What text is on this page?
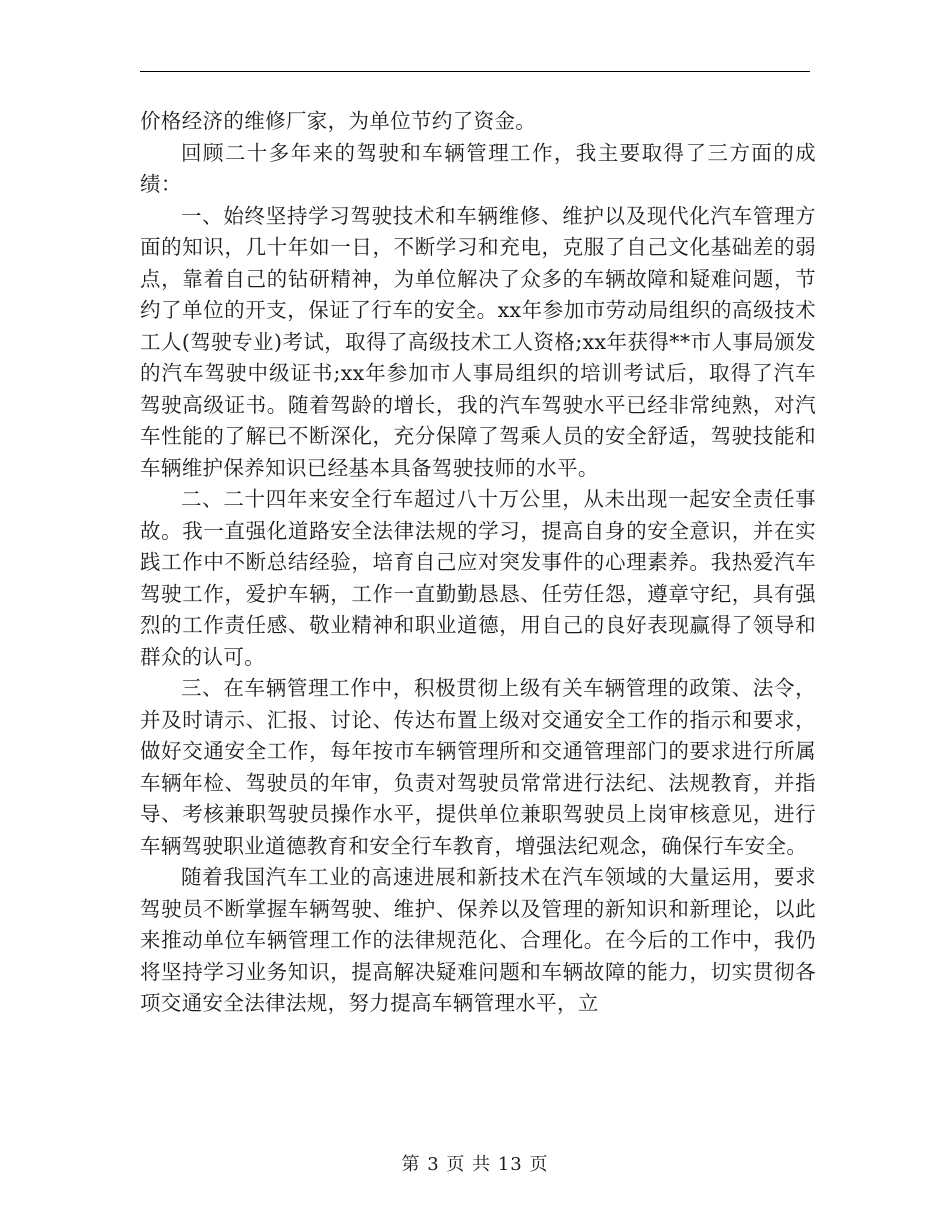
价格经济的维修厂家，为单位节约了资金。

回顾二十多年来的驾驶和车辆管理工作，我主要取得了三方面的成绩：

一、始终坚持学习驾驶技术和车辆维修、维护以及现代化汽车管理方面的知识，几十年如一日，不断学习和充电，克服了自己文化基础差的弱点，靠着自己的钻研精神，为单位解决了众多的车辆故障和疑难问题，节约了单位的开支，保证了行车的安全。xx年参加市劳动局组织的高级技术工人(驾驶专业)考试，取得了高级技术工人资格;xx年获得**市人事局颁发的汽车驾驶中级证书;xx年参加市人事局组织的培训考试后，取得了汽车驾驶高级证书。随着驾龄的增长，我的汽车驾驶水平已经非常纯熟，对汽车性能的了解已不断深化，充分保障了驾乘人员的安全舒适，驾驶技能和车辆维护保养知识已经基本具备驾驶技师的水平。

二、二十四年来安全行车超过八十万公里，从未出现一起安全责任事故。我一直强化道路安全法律法规的学习，提高自身的安全意识，并在实践工作中不断总结经验，培育自己应对突发事件的心理素养。我热爱汽车驾驶工作，爱护车辆，工作一直勤勤恳恳、任劳任怨，遵章守纪，具有强烈的工作责任感、敬业精神和职业道德，用自己的良好表现赢得了领导和群众的认可。

三、在车辆管理工作中，积极贯彻上级有关车辆管理的政策、法令，并及时请示、汇报、讨论、传达布置上级对交通安全工作的指示和要求，做好交通安全工作，每年按市车辆管理所和交通管理部门的要求进行所属车辆年检、驾驶员的年审，负责对驾驶员常常进行法纪、法规教育，并指导、考核兼职驾驶员操作水平，提供单位兼职驾驶员上岗审核意见，进行车辆驾驶职业道德教育和安全行车教育，增强法纪观念，确保行车安全。

随着我国汽车工业的高速进展和新技术在汽车领域的大量运用，要求驾驶员不断掌握车辆驾驶、维护、保养以及管理的新知识和新理论，以此来推动单位车辆管理工作的法律规范化、合理化。在今后的工作中，我仍将坚持学习业务知识，提高解决疑难问题和车辆故障的能力，切实贯彻各项交通安全法律法规，努力提高车辆管理水平，立

第 3 页 共 13 页
